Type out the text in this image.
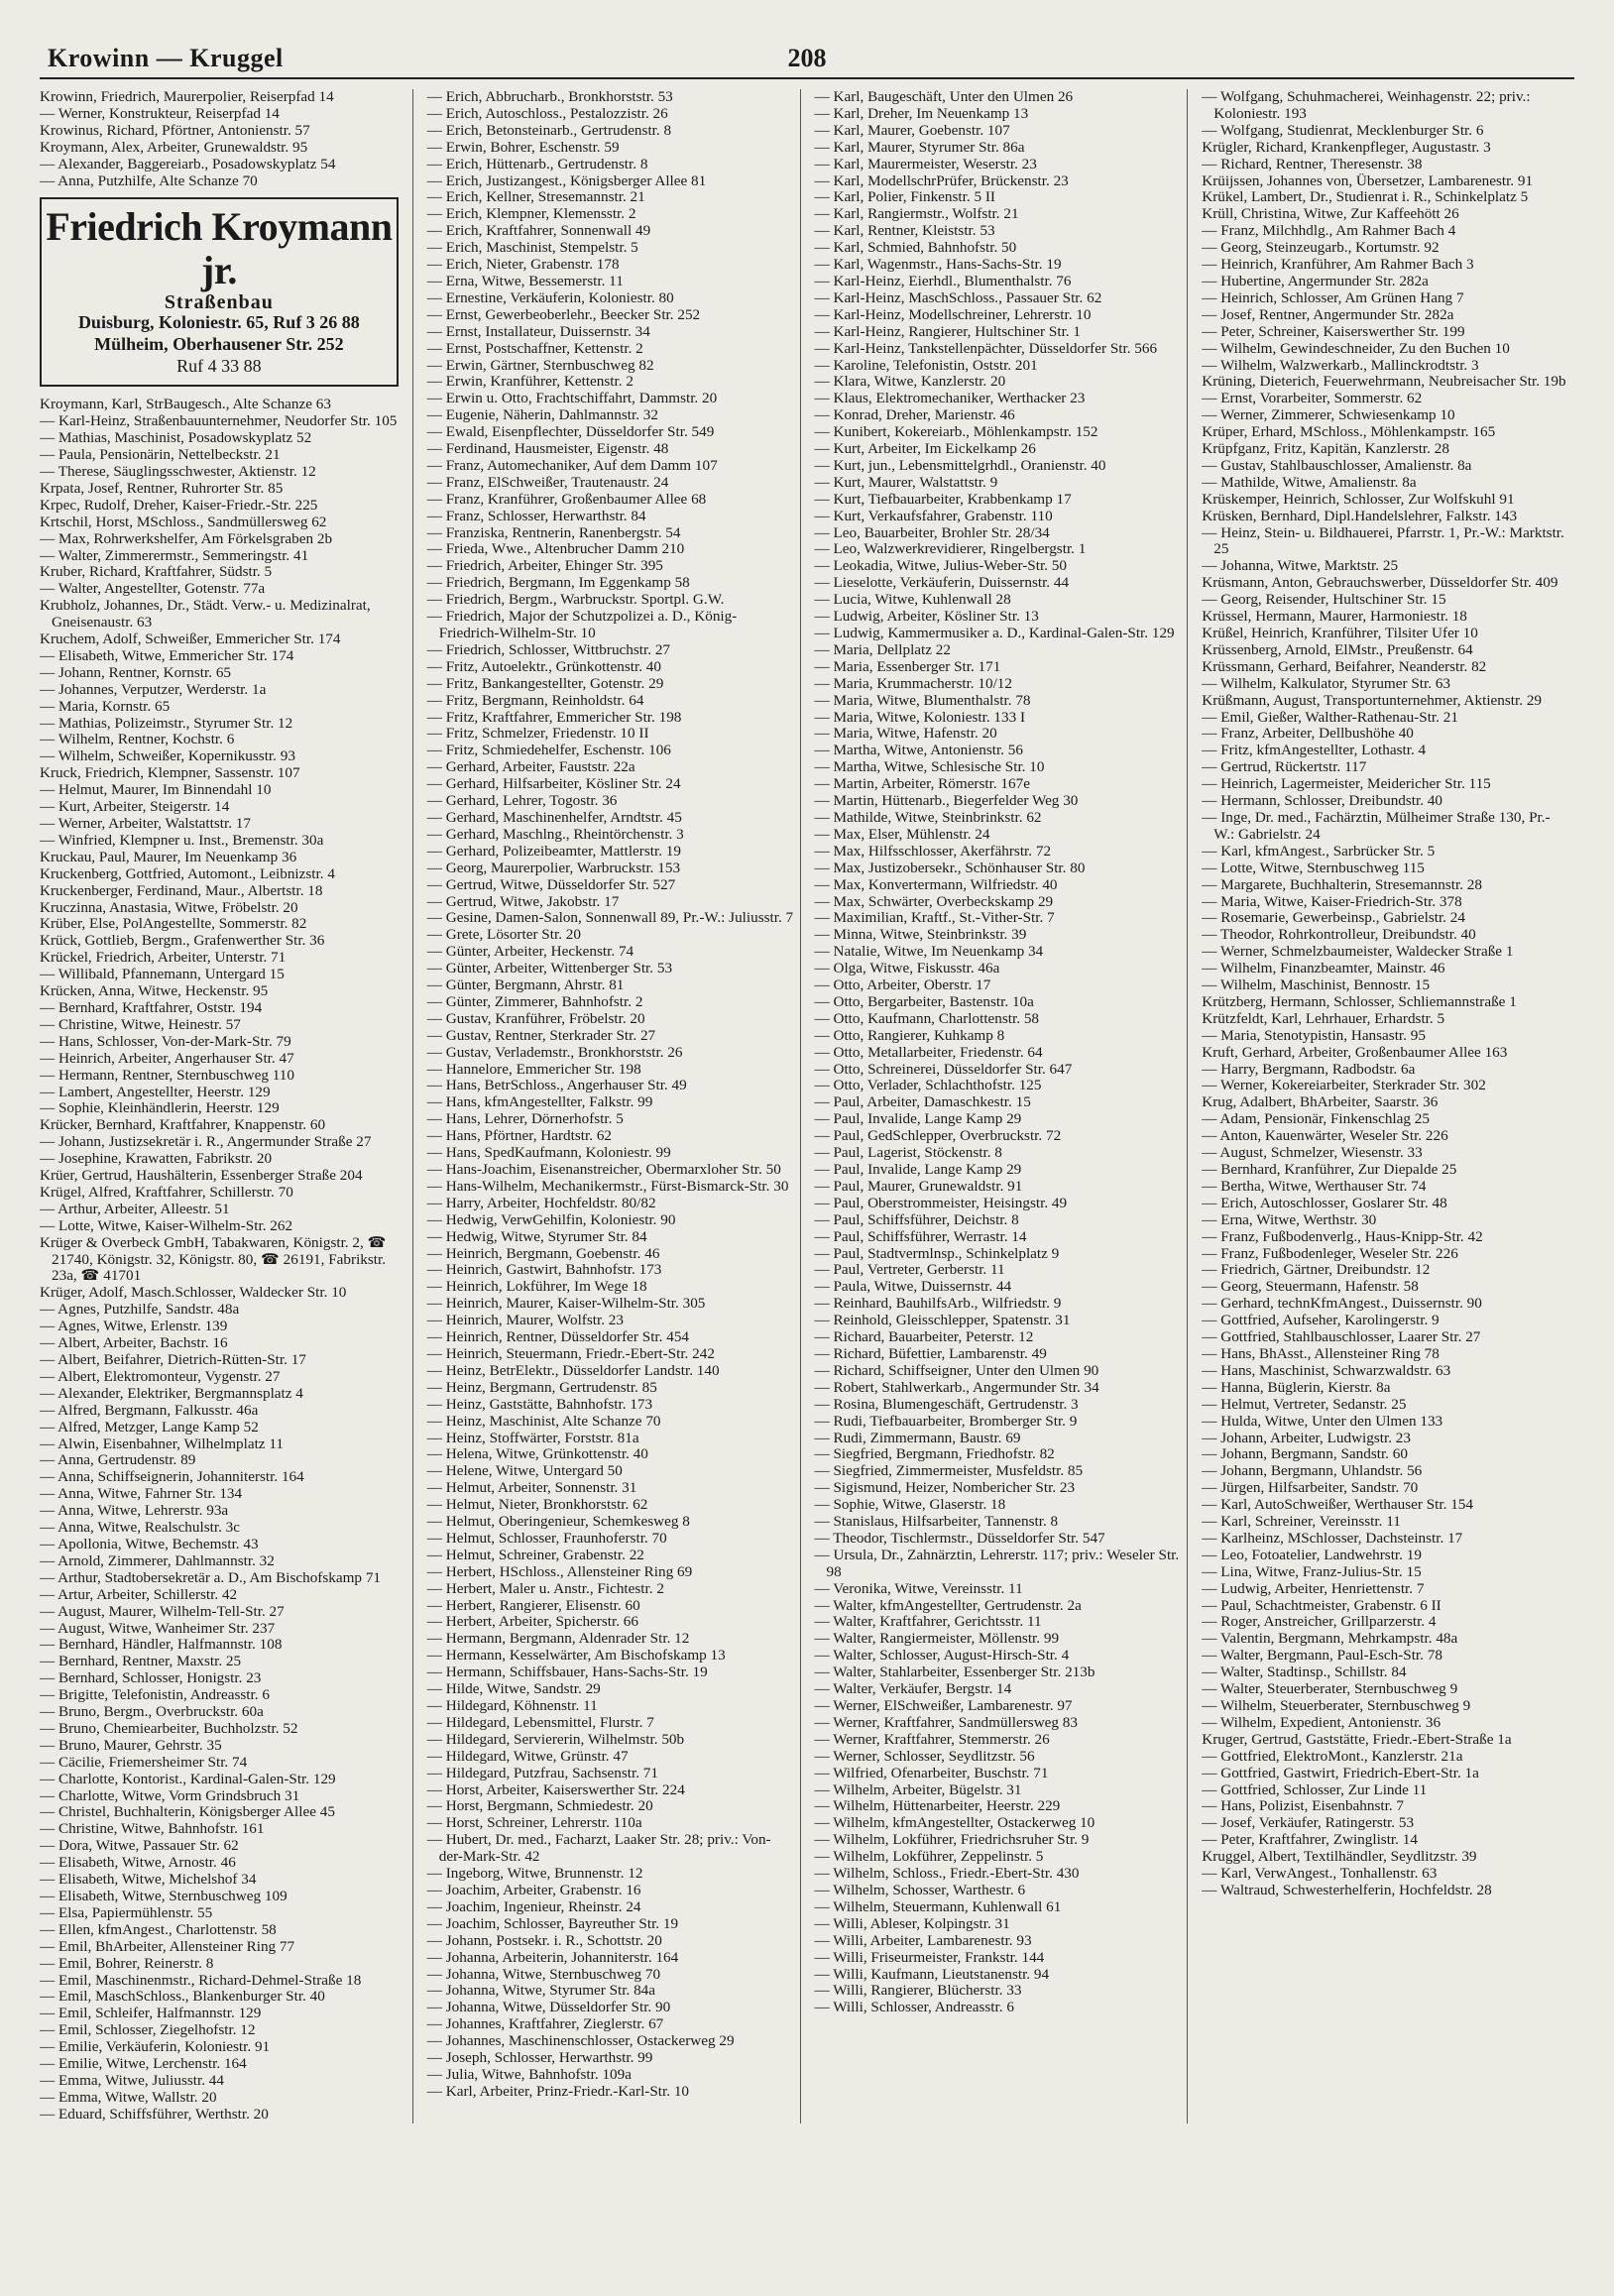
Krowinn — Kruggel	208
Krowinn, Friedrich, Maurerpolier, Reiserpfad 14
— Werner, Konstrukteur, Reiserpfad 14
Krowinus, Richard, Pförtner, Antonienstr. 57
Kroymann, Alex, Arbeiter, Grunewaldstr. 95
— Alexander, Baggereiarb., Posadowskyplatz 54
— Anna, Putzhilfe, Alte Schanze 70
Friedrich Kroymann jr.
Straßenbau
Duisburg, Koloniestr. 65, Ruf 3 26 88
Mülheim, Oberhausener Str. 252
Ruf 4 33 88
Kroymann, Karl, StrBaugesch., Alte Schanze 63
— Karl-Heinz, Straßenbauunternehmer, Neudorfer Str. 105
— Mathias, Maschinist, Posadowskyplatz 52
— Paula, Pensionärin, Nettelbeckstr. 21
— Therese, Säuglingsschwester, Aktienstr. 12
Krpata, Josef, Rentner, Ruhrorter Str. 85
Krpec, Rudolf, Dreher, Kaiser-Friedr.-Str. 225
Krtschil, Horst, MSchloss., Sandmüllersweg 62
— Max, Rohrwerkshelfer, Am Förkelsgraben 2b
— Walter, Zimmerermstr., Semmeringstr. 41
Kruber, Richard, Kraftfahrer, Südstr. 5
— Walter, Angestellter, Gotenstr. 77a
Krubholz, Johannes, Dr., Städt. Verw.- u. Medizinalrat, Gneisenaustr. 63
Kruchem, Adolf, Schweißer, Emmericher Str. 174
— Elisabeth, Witwe, Emmericher Str. 174
— Johann, Rentner, Kornstr. 65
— Johannes, Verputzer, Werderstr. 1a
— Maria, Kornstr. 65
— Mathias, Polizeimstr., Styrumer Str. 12
— Wilhelm, Rentner, Kochstr. 6
— Wilhelm, Schweißer, Kopernikusstr. 93
Kruck, Friedrich, Klempner, Sassenstr. 107
— Helmut, Maurer, Im Binnendahl 10
— Kurt, Arbeiter, Steigerstr. 14
— Werner, Arbeiter, Walstattstr. 17
— Winfried, Klempner u. Inst., Bremenstr. 30a
Kruckau, Paul, Maurer, Im Neuenkamp 36
Kruckenberg, Gottfried, Automont., Leibnizstr. 4
Kruckenberger, Ferdinand, Maur., Albertstr. 18
Kruczinna, Anastasia, Witwe, Fröbelstr. 20
Krüber, Else, PolAngestellte, Sommerstr. 82
Krück, Gottlieb, Bergm., Grafenwerther Str. 36
Krückel, Friedrich, Arbeiter, Unterstr. 71
— Willibald, Pfannemann, Untergard 15
Krücken, Anna, Witwe, Heckenstr. 95
— Bernhard, Kraftfahrer, Oststr. 194
— Christine, Witwe, Heinestr. 57
— Hans, Schlosser, Von-der-Mark-Str. 79
— Heinrich, Arbeiter, Angerhauser Str. 47
— Hermann, Rentner, Sternbuschweg 110
— Lambert, Angestellter, Heerstr. 129
— Sophie, Kleinhändlerin, Heerstr. 129
Krücker, Bernhard, Kraftfahrer, Knappenstr. 60
— Johann, Justizsekretär i. R., Angermunder Straße 27
— Josephine, Krawatten, Fabrikstr. 20
Krüer, Gertrud, Haushälterin, Essenberger Straße 204
Krügel, Alfred, Kraftfahrer, Schillerstr. 70
— Arthur, Arbeiter, Alleestr. 51
— Lotte, Witwe, Kaiser-Wilhelm-Str. 262
Krüger & Overbeck GmbH, Tabakwaren, Königstr. 2, ☎ 21740, Königstr. 32, Königstr. 80, ☎ 26191, Fabrikstr. 23a, ☎ 41701
Krüger, Adolf, Masch.Schlosser, Waldecker Str. 10
— Agnes, Putzhilfe, Sandstr. 48a
— Agnes, Witwe, Erlenstr. 139
— Albert, Arbeiter, Bachstr. 16
— Albert, Beifahrer, Dietrich-Rütten-Str. 17
— Albert, Elektromonteur, Vygenstr. 27
— Alexander, Elektriker, Bergmannsplatz 4
— Alfred, Bergmann, Falkusstr. 46a
— Alfred, Metzger, Lange Kamp 52
— Alwin, Eisenbahner, Wilhelmplatz 11
— Anna, Gertrudenstr. 89
— Anna, Schiffseignerin, Johanniterstr. 164
— Anna, Witwe, Fahrner Str. 134
— Anna, Witwe, Lehrerstr. 93a
— Anna, Witwe, Realschulstr. 3c
— Apollonia, Witwe, Bechemstr. 43
— Arnold, Zimmerer, Dahlmannstr. 32
— Arthur, Stadtobersekretär a. D., Am Bischofskamp 71
— Artur, Arbeiter, Schillerstr. 42
— August, Maurer, Wilhelm-Tell-Str. 27
— August, Witwe, Wanheimer Str. 237
— Bernhard, Händler, Halfmannstr. 108
— Bernhard, Rentner, Maxstr. 25
— Bernhard, Schlosser, Honigstr. 23
— Brigitte, Telefonistin, Andreasstr. 6
— Bruno, Bergm., Overbruckstr. 60a
— Bruno, Chemiearbeiter, Buchholzstr. 52
— Bruno, Maurer, Gehrstr. 35
— Cäcilie, Friemersheimer Str. 74
— Charlotte, Kontorist., Kardinal-Galen-Str. 129
— Charlotte, Witwe, Vorm Grindsbruch 31
— Christel, Buchhalterin, Königsberger Allee 45
— Christine, Witwe, Bahnhofstr. 161
— Dora, Witwe, Passauer Str. 62
— Elisabeth, Witwe, Arnostr. 46
— Elisabeth, Witwe, Michelshof 34
— Elisabeth, Witwe, Sternbuschweg 109
— Elsa, Papiermühlenstr. 55
— Ellen, kfmAngest., Charlottenstr. 58
— Emil, BhArbeiter, Allensteiner Ring 77
— Emil, Bohrer, Reinerstr. 8
— Emil, Maschinenmstr., Richard-Dehmel-Straße 18
— Emil, MaschSchloss., Blankenburger Str. 40
— Emil, Schleifer, Halfmannstr. 129
— Emil, Schlosser, Ziegelhofstr. 12
— Emilie, Verkäuferin, Koloniestr. 91
— Emilie, Witwe, Lerchenstr. 164
— Emma, Witwe, Juliusstr. 44
— Emma, Witwe, Wallstr. 20
— Eduard, Schiffsführer, Werthstr. 20
— Erich, Abbrucharb., Bronkhorststr. 53
— Erich, Autoschloss., Pestalozzistr. 26
— Erich, Betonsteinarb., Gertrudenstr. 8
— Erwin, Bohrer, Eschenstr. 59
— Erich, Hüttenarb., Gertrudenstr. 8
— Erich, Justizangest., Königsberger Allee 81
— Erich, Kellner, Stresemannstr. 21
— Erich, Klempner, Klemensstr. 2
— Erich, Kraftfahrer, Sonnenwall 49
— Erich, Maschinist, Stempelstr. 5
— Erich, Nieter, Grabenstr. 178
— Erna, Witwe, Bessemerstr. 11
— Ernestine, Verkäuferin, Koloniestr. 80
— Ernst, Gewerbeoberlehr., Beecker Str. 252
— Ernst, Installateur, Duissernstr. 34
— Ernst, Postschaffner, Kettenstr. 2
— Erwin, Gärtner, Sternbuschweg 82
— Erwin, Kranführer, Kettenstr. 2
— Erwin u. Otto, Frachtschiffahrt, Dammstr. 20
— Eugenie, Näherin, Dahlmannstr. 32
— Ewald, Eisenpflechter, Düsseldorfer Str. 549
— Ferdinand, Hausmeister, Eigenstr. 48
— Franz, Automechaniker, Auf dem Damm 107
— Franz, ElSchweißer, Trautenaustr. 24
— Franz, Kranführer, Großenbaumer Allee 68
— Franz, Schlosser, Herwarthstr. 84
— Franziska, Rentnerin, Ranenbergstr. 54
— Frieda, Wwe., Altenbrucher Damm 210
— Friedrich, Arbeiter, Ehinger Str. 395
— Friedrich, Bergmann, Im Eggenkamp 58
— Friedrich, Bergm., Warbruckstr. Sportpl. G.W.
— Friedrich, Major der Schutzpolizei a. D., König-Friedrich-Wilhelm-Str. 10
— Friedrich, Schlosser, Wittbruchstr. 27
— Fritz, Autoelektr., Grünkottenstr. 40
— Fritz, Bankangestellter, Gotenstr. 29
— Fritz, Bergmann, Reinholdstr. 64
— Fritz, Kraftfahrer, Emmericher Str. 198
— Fritz, Schmelzer, Friedenstr. 10 II
— Fritz, Schmiedehelfer, Eschenstr. 106
— Gerhard, Arbeiter, Fauststr. 22a
— Gerhard, Hilfsarbeiter, Kösliner Str. 24
— Gerhard, Lehrer, Togostr. 36
— Gerhard, Maschinenhelfer, Arndtstr. 45
— Gerhard, Maschlng., Rheintörchenstr. 3
— Gerhard, Polizeibeamter, Mattlerstr. 19
— Georg, Maurerpolier, Warbruckstr. 153
— Gertrud, Witwe, Düsseldorfer Str. 527
— Gertrud, Witwe, Jakobstr. 17
— Gesine, Damen-Salon, Sonnenwall 89, Pr.-W.: Juliusstr. 7
— Grete, Lösorter Str. 20
— Günter, Arbeiter, Heckenstr. 74
— Günter, Arbeiter, Wittenberger Str. 53
— Günter, Bergmann, Ahrstr. 81
— Günter, Zimmerer, Bahnhofstr. 2
— Gustav, Kranführer, Fröbelstr. 20
— Gustav, Rentner, Sterkrader Str. 27
— Gustav, Verlademstr., Bronkhorststr. 26
— Hannelore, Emmericher Str. 198
— Hans, BetrSchloss., Angerhauser Str. 49
— Hans, kfmAngestellter, Falkstr. 99
— Hans, Lehrer, Dörnerhofstr. 5
— Hans, Pförtner, Hardtstr. 62
— Hans, SpedKaufmann, Koloniestr. 99
— Hans-Joachim, Eisenanstreicher, Obermarxloher Str. 50
— Hans-Wilhelm, Mechanikermstr., Fürst-Bismarck-Str. 30
— Harry, Arbeiter, Hochfeldstr. 80/82
— Hedwig, VerwGehilfin, Koloniestr. 90
— Hedwig, Witwe, Styrumer Str. 84
— Heinrich, Bergmann, Goebenstr. 46
— Heinrich, Gastwirt, Bahnhofstr. 173
— Heinrich, Lokführer, Im Wege 18
— Heinrich, Maurer, Kaiser-Wilhelm-Str. 305
— Heinrich, Maurer, Wolfstr. 23
— Heinrich, Rentner, Düsseldorfer Str. 454
— Heinrich, Steuermann, Friedr.-Ebert-Str. 242
— Heinz, BetrElektr., Düsseldorfer Landstr. 140
— Heinz, Bergmann, Gertrudenstr. 85
— Heinz, Gaststätte, Bahnhofstr. 173
— Heinz, Maschinist, Alte Schanze 70
— Heinz, Stoffwärter, Forststr. 81a
— Helena, Witwe, Grünkottenstr. 40
— Helene, Witwe, Untergard 50
— Helmut, Arbeiter, Sonnenstr. 31
— Helmut, Nieter, Bronkhorststr. 62
— Helmut, Oberingenieur, Schemkesweg 8
— Helmut, Schlosser, Fraunhoferstr. 70
— Helmut, Schreiner, Grabenstr. 22
— Herbert, HSchloss., Allensteiner Ring 69
— Herbert, Maler u. Anstr., Fichtestr. 2
— Herbert, Rangierer, Elisenstr. 60
— Herbert, Arbeiter, Spicherstr. 66
— Hermann, Bergmann, Aldenrader Str. 12
— Hermann, Kesselwärter, Am Bischofskamp 13
— Hermann, Schiffsbauer, Hans-Sachs-Str. 19
— Hilde, Witwe, Sandstr. 29
— Hildegard, Köhnenstr. 11
— Hildegard, Lebensmittel, Flurstr. 7
— Hildegard, Serviererin, Wilhelmstr. 50b
— Hildegard, Witwe, Grünstr. 47
— Hildegard, Putzfrau, Sachsenstr. 71
— Horst, Arbeiter, Kaiserswerther Str. 224
— Horst, Bergmann, Schmiedestr. 20
— Horst, Schreiner, Lehrerstr. 110a
— Hubert, Dr. med., Facharzt, Laaker Str. 28; priv.: Von-der-Mark-Str. 42
— Ingeborg, Witwe, Brunnenstr. 12
— Joachim, Arbeiter, Grabenstr. 16
— Joachim, Ingenieur, Rheinstr. 24
— Joachim, Schlosser, Bayreuther Str. 19
— Johann, Postsekr. i. R., Schottstr. 20
— Johanna, Arbeiterin, Johanniterstr. 164
— Johanna, Witwe, Sternbuschweg 70
— Johanna, Witwe, Styrumer Str. 84a
— Johanna, Witwe, Düsseldorfer Str. 90
— Johannes, Kraftfahrer, Zieglerstr. 67
— Johannes, Maschinenschlosser, Ostackerweg 29
— Joseph, Schlosser, Herwarthstr. 99
— Julia, Witwe, Bahnhofstr. 109a
— Karl, Arbeiter, Prinz-Friedr.-Karl-Str. 10
— Karl, Baugeschäft, Unter den Ulmen 26
— Karl, Dreher, Im Neuenkamp 13
— Karl, Maurer, Goebenstr. 107
— Karl, Maurer, Styrumer Str. 86a
— Karl, Maurermeister, Weserstr. 23
— Karl, ModellschrPrüfer, Brückenstr. 23
— Karl, Polier, Finkenstr. 5 II
— Karl, Rangiermstr., Wolfstr. 21
— Karl, Rentner, Kleiststr. 53
— Karl, Schmied, Bahnhofstr. 50
— Karl, Wagenmstr., Hans-Sachs-Str. 19
— Karl-Heinz, Eierhdl., Blumenthalstr. 76
— Karl-Heinz, MaschSchloss., Passauer Str. 62
— Karl-Heinz, Modellschreiner, Lehrerstr. 10
— Karl-Heinz, Rangierer, Hultschiner Str. 1
— Karl-Heinz, Tankstellenpächter, Düsseldorfer Str. 566
— Karoline, Telefonistin, Oststr. 201
— Klara, Witwe, Kanzlerstr. 20
— Klaus, Elektromechaniker, Werthacker 23
— Konrad, Dreher, Marienstr. 46
— Kunibert, Kokereiarb., Möhlenkampstr. 152
— Kurt, Arbeiter, Im Eickelkamp 26
— Kurt, jun., Lebensmittelgrhdl., Oranienstr. 40
— Kurt, Maurer, Walstattstr. 9
— Kurt, Tiefbauarbeiter, Krabbenkamp 17
— Kurt, Verkaufsfahrer, Grabenstr. 110
— Leo, Bauarbeiter, Brohler Str. 28/34
— Leo, Walzwerkrevidierer, Ringelbergstr. 1
— Leokadia, Witwe, Julius-Weber-Str. 50
— Lieselotte, Verkäuferin, Duissernstr. 44
— Lucia, Witwe, Kuhlenwall 28
— Ludwig, Arbeiter, Kösliner Str. 13
— Ludwig, Kammermusiker a. D., Kardinal-Galen-Str. 129
— Maria, Dellplatz 22
— Maria, Essenberger Str. 171
— Maria, Krummacherstr. 10/12
— Maria, Witwe, Blumenthalstr. 78
— Maria, Witwe, Koloniestr. 133 I
— Maria, Witwe, Hafenstr. 20
— Martha, Witwe, Antonienstr. 56
— Martha, Witwe, Schlesische Str. 10
— Martin, Arbeiter, Römerstr. 167e
— Martin, Hüttenarb., Biegerfelder Weg 30
— Mathilde, Witwe, Steinbrinkstr. 62
— Max, Elser, Mühlenstr. 24
— Max, Hilfsschlosser, Akerfährstr. 72
— Max, Justizobersekr., Schönhauser Str. 80
— Max, Konvertermann, Wilfriedstr. 40
— Max, Schwärter, Overbeckskamp 29
— Maximilian, Kraftf., St.-Vither-Str. 7
— Minna, Witwe, Steinbrinkstr. 39
— Natalie, Witwe, Im Neuenkamp 34
— Olga, Witwe, Fiskusstr. 46a
— Otto, Arbeiter, Oberstr. 17
— Otto, Bergarbeiter, Bastenstr. 10a
— Otto, Kaufmann, Charlottenstr. 58
— Otto, Rangierer, Kuhkamp 8
— Otto, Metallarbeiter, Friedenstr. 64
— Otto, Schreinerei, Düsseldorfer Str. 647
— Otto, Verlader, Schlachthofstr. 125
— Paul, Arbeiter, Damaschkestr. 15
— Paul, Invalide, Lange Kamp 29
— Paul, GedSchlepper, Overbruckstr. 72
— Paul, Lagerist, Stöckenstr. 8
— Paul, Invalide, Lange Kamp 29
— Paul, Maurer, Grunewaldstr. 91
— Paul, Oberstrommeister, Heisingstr. 49
— Paul, Schiffsführer, Deichstr. 8
— Paul, Schiffsführer, Werrastr. 14
— Paul, Stadtvermlnsp., Schinkelplatz 9
— Paul, Vertreter, Gerberstr. 11
— Paula, Witwe, Duissernstr. 44
— Reinhard, BauhilfsArb., Wilfriedstr. 9
— Reinhold, Gleisschlepper, Spatenstr. 31
— Richard, Bauarbeiter, Peterstr. 12
— Richard, Büfettier, Lambarenstr. 49
— Richard, Schiffseigner, Unter den Ulmen 90
— Robert, Stahlwerkarb., Angermunder Str. 34
— Rosina, Blumengeschäft, Gertrudenstr. 3
— Rudi, Tiefbauarbeiter, Bromberger Str. 9
— Rudi, Zimmermann, Baustr. 69
— Siegfried, Bergmann, Friedhofstr. 82
— Siegfried, Zimmermeister, Musfeldstr. 85
— Sigismund, Heizer, Nombericher Str. 23
— Sophie, Witwe, Glaserstr. 18
— Stanislaus, Hilfsarbeiter, Tannenstr. 8
— Theodor, Tischlermstr., Düsseldorfer Str. 547
— Ursula, Dr., Zahnärztin, Lehrerstr. 117; priv.: Weseler Str. 98
— Veronika, Witwe, Vereinsstr. 11
— Walter, kfmAngestellter, Gertrudenstr. 2a
— Walter, Kraftfahrer, Gerichtsstr. 11
— Walter, Rangiermeister, Möllenstr. 99
— Walter, Schlosser, August-Hirsch-Str. 4
— Walter, Stahlarbeiter, Essenberger Str. 213b
— Walter, Verkäufer, Bergstr. 14
— Werner, ElSchweißer, Lambarenestr. 97
— Werner, Kraftfahrer, Sandmüllersweg 83
— Werner, Kraftfahrer, Stemmerstr. 26
— Werner, Schlosser, Seydlitzstr. 56
— Wilfried, Ofenarbeiter, Buschstr. 71
— Wilhelm, Arbeiter, Bügelstr. 31
— Wilhelm, Hüttenarbeiter, Heerstr. 229
— Wilhelm, kfmAngestellter, Ostackerweg 10
— Wilhelm, Lokführer, Friedrichsruher Str. 9
— Wilhelm, Lokführer, Zeppelinstr. 5
— Wilhelm, Schloss., Friedr.-Ebert-Str. 430
— Wilhelm, Schosser, Warthestr. 6
— Wilhelm, Steuermann, Kuhlenwall 61
— Willi, Ableser, Kolpingstr. 31
— Willi, Arbeiter, Lambarenestr. 93
— Willi, Friseurmeister, Frankstr. 144
— Willi, Kaufmann, Lieutstanenstr. 94
— Willi, Rangierer, Blücherstr. 33
— Willi, Schlosser, Andreasstr. 6
— Wolfgang, Schuhmacherei, Weinhagenstr. 22; priv.: Koloniestr. 193
— Wolfgang, Studienrat, Mecklenburger Str. 6
Krügler, Richard, Krankenpfleger, Augustastr. 3
— Richard, Rentner, Theresenstr. 38
Krüijssen, Johannes von, Übersetzer, Lambarenestr. 91
Krükel, Lambert, Dr., Studienrat i. R., Schinkelplatz 5
Krüll, Christina, Witwe, Zur Kaffeehött 26
— Franz, Milchhdlg., Am Rahmer Bach 4
— Georg, Steinzeugarb., Kortumstr. 92
— Heinrich, Kranführer, Am Rahmer Bach 3
— Hubertine, Angermunder Str. 282a
— Heinrich, Schlosser, Am Grünen Hang 7
— Josef, Rentner, Angermunder Str. 282a
— Peter, Schreiner, Kaiserswerther Str. 199
— Wilhelm, Gewindeschneider, Zu den Buchen 10
— Wilhelm, Walzwerkarb., Mallinckrodtstr. 3
Krüning, Dieterich, Feuerwehrmann, Neubreisacher Str. 19b
— Ernst, Vorarbeiter, Sommerstr. 62
— Werner, Zimmerer, Schwiesenkamp 10
Krüper, Erhard, MSchloss., Möhlenkampstr. 165
Krüpfganz, Fritz, Kapitän, Kanzlerstr. 28
— Gustav, Stahlbauschlosser, Amalienstr. 8a
— Mathilde, Witwe, Amalienstr. 8a
Krüskemper, Heinrich, Schlosser, Zur Wolfskuhl 91
Krüsken, Bernhard, Dipl.Handelslehrer, Falkstr. 143
— Heinz, Stein- u. Bildhauerei, Pfarrstr. 1, Pr.-W.: Marktstr. 25
— Johanna, Witwe, Marktstr. 25
Krüsmann, Anton, Gebrauchswerber, Düsseldorfer Str. 409
— Georg, Reisender, Hultschiner Str. 15
Krüssel, Hermann, Maurer, Harmoniestr. 18
Krüßel, Heinrich, Kranführer, Tilsiter Ufer 10
Krüssenberg, Arnold, ElMstr., Preußenstr. 64
Krüssmann, Gerhard, Beifahrer, Neanderstr. 82
— Wilhelm, Kalkulator, Styrumer Str. 63
Krüßmann, August, Transportunternehmer, Aktienstr. 29
— Emil, Gießer, Walther-Rathenau-Str. 21
— Franz, Arbeiter, Dellbushöhe 40
— Fritz, kfmAngestellter, Lothastr. 4
— Gertrud, Rückertstr. 117
— Heinrich, Lagermeister, Meidericher Str. 115
— Hermann, Schlosser, Dreibundstr. 40
— Inge, Dr. med., Fachärztin, Mülheimer Straße 130, Pr.-W.: Gabrielstr. 24
— Karl, kfmAngest., Sarbrücker Str. 5
— Lotte, Witwe, Sternbuschweg 115
— Margarete, Buchhalterin, Stresemannstr. 28
— Maria, Witwe, Kaiser-Friedrich-Str. 378
— Rosemarie, Gewerbeinsp., Gabrielstr. 24
— Theodor, Rohrkontrolleur, Dreibundstr. 40
— Werner, Schmelzbaumeister, Waldecker Straße 1
— Wilhelm, Finanzbeamter, Mainstr. 46
— Wilhelm, Maschinist, Bennostr. 15
Krützberg, Hermann, Schlosser, Schliemannstraße 1
Krützfeldt, Karl, Lehrhauer, Erhardstr. 5
— Maria, Stenotypistin, Hansastr. 95
Kruft, Gerhard, Arbeiter, Großenbaumer Allee 163
— Harry, Bergmann, Radbodstr. 6a
— Werner, Kokereiarbeiter, Sterkrader Str. 302
Krug, Adalbert, BhArbeiter, Saarstr. 36
— Adam, Pensionär, Finkenschlag 25
— Anton, Kauenwärter, Weseler Str. 226
— August, Schmelzer, Wiesenstr. 33
— Bernhard, Kranführer, Zur Diepalde 25
— Bertha, Witwe, Werthauser Str. 74
— Erich, Autoschlosser, Goslarer Str. 48
— Erna, Witwe, Werthstr. 30
— Franz, Fußbodenverlg., Haus-Knipp-Str. 42
— Franz, Fußbodenleger, Weseler Str. 226
— Friedrich, Gärtner, Dreibundstr. 12
— Georg, Steuermann, Hafenstr. 58
— Gerhard, technKfmAngest., Duissernstr. 90
— Gottfried, Aufseher, Karolingerstr. 9
— Gottfried, Stahlbauschlosser, Laarer Str. 27
— Hans, BhAsst., Allensteiner Ring 78
— Hans, Maschinist, Schwarzwaldstr. 63
— Hanna, Büglerin, Kierstr. 8a
— Helmut, Vertreter, Sedanstr. 25
— Hulda, Witwe, Unter den Ulmen 133
— Johann, Arbeiter, Ludwigstr. 23
— Johann, Bergmann, Sandstr. 60
— Johann, Bergmann, Uhlandstr. 56
— Jürgen, Hilfsarbeiter, Sandstr. 70
— Karl, AutoSchweißer, Werthauser Str. 154
— Karl, Schreiner, Vereinsstr. 11
— Karlheinz, MSchlosser, Dachsteinstr. 17
— Leo, Fotoatelier, Landwehrstr. 19
— Lina, Witwe, Franz-Julius-Str. 15
— Ludwig, Arbeiter, Henriettenstr. 7
— Paul, Schachtmeister, Grabenstr. 6 II
— Roger, Anstreicher, Grillparzerstr. 4
— Valentin, Bergmann, Mehrkampstr. 48a
— Walter, Bergmann, Paul-Esch-Str. 78
— Walter, Stadtinsp., Schillstr. 84
— Walter, Steuerberater, Sternbuschweg 9
— Wilhelm, Steuerberater, Sternbuschweg 9
— Wilhelm, Expedient, Antonienstr. 36
Kruger, Gertrud, Gaststätte, Friedr.-Ebert-Straße 1a
— Gottfried, ElektroMont., Kanzlerstr. 21a
— Gottfried, Gastwirt, Friedrich-Ebert-Str. 1a
— Gottfried, Schlosser, Zur Linde 11
— Hans, Polizist, Eisenbahnstr. 7
— Josef, Verkäufer, Ratingerstr. 53
— Peter, Kraftfahrer, Zwinglistr. 14
Kruggel, Albert, Textilhändler, Seydlitzstr. 39
— Karl, VerwAngest., Tonhallenstr. 63
— Waltraud, Schwesterhelferin, Hochfeldstr. 28
